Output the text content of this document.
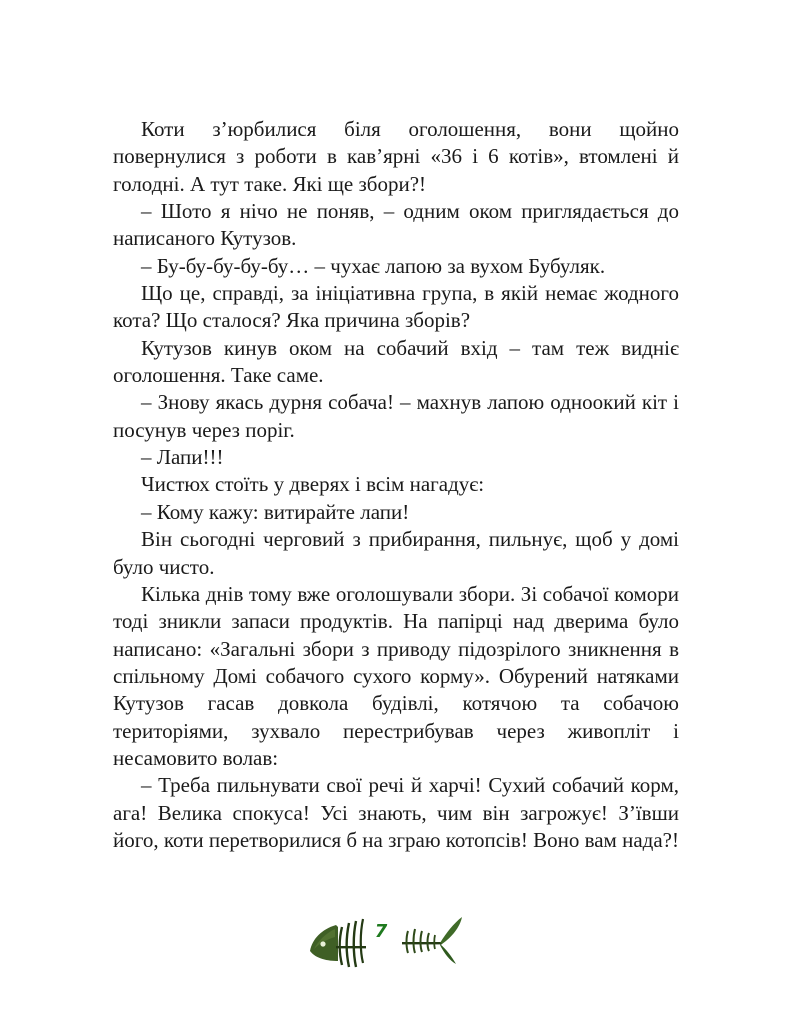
Коти з’юрбилися біля оголошення, вони щойно повернулися з роботи в кав’ярні «36 і 6 котів», втомлені й голодні. А тут таке. Які ще збори?!

– Шото я нічо не поняв, – одним оком приглядається до написаного Кутузов.

– Бу-бу-бу-бу-бу… – чухає лапою за вухом Бубуляк.

Що це, справді, за ініціативна група, в якій немає жодного кота? Що сталося? Яка причина зборів?

Кутузов кинув оком на собачий вхід – там теж видніє оголошення. Таке саме.

– Знову якась дурня собача! – махнув лапою одноокий кіт і посунув через поріг.

– Лапи!!!

Чистюх стоїть у дверях і всім нагадує:

– Кому кажу: витирайте лапи!

Він сьогодні черговий з прибирання, пильнує, щоб у домі було чисто.

Кілька днів тому вже оголошували збори. Зі собачої комори тоді зникли запаси продуктів. На папірці над дверима було написано: «Загальні збори з приводу підозрілого зникнення в спільному Домі собачого сухого корму». Обурений натяками Кутузов гасав довкола будівлі, котячою та собачою територіями, зухвало перестрибував через живопліт і несамовито волав:

– Треба пильнувати свої речі й харчі! Сухий собачий корм, ага! Велика спокуса! Усі знають, чим він загрожує! З’ївши його, коти перетворилися б на зграю котопсів! Воно вам нада?!

7
